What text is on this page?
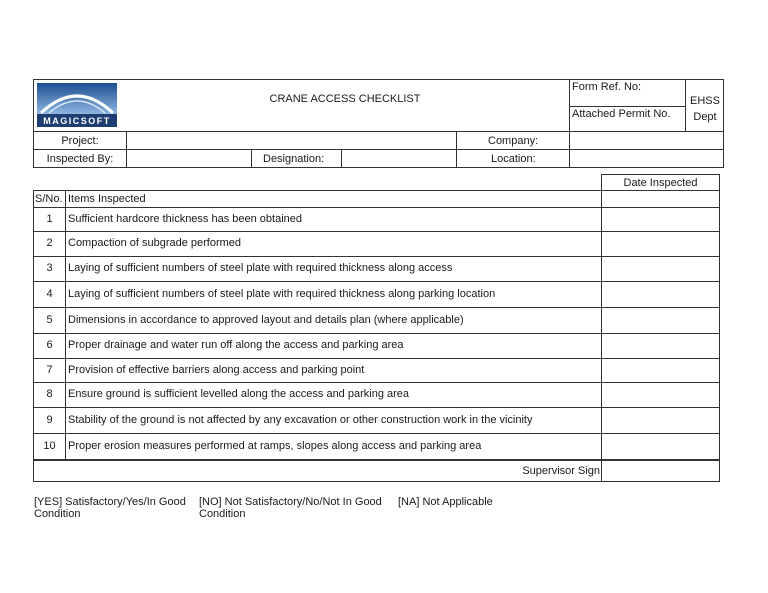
MAGICSOFT
CRANE ACCESS CHECKLIST
Form Ref. No:
Attached Permit No.
EHSS
Dept
Project:	Company:
Inspected By:	Designation:	Location:
Date Inspected
S/No. Items Inspected
1	Sufficient hardcore thickness has been obtained
2	Compaction of subgrade performed
3	Laying of sufficient numbers of steel plate with required thickness along access
4	Laying of sufficient numbers of steel plate with required thickness along parking location
5	Dimensions in accordance to approved layout and details plan (where applicable)
6	Proper drainage and water run off along the access and parking area
7	Provision of effective barriers along access and parking point
8	Ensure ground is sufficient levelled along the access and parking area
9	Stability of the ground is not affected by any excavation or other construction work in the vicinity
10	Proper erosion measures performed at ramps, slopes along access and parking area
Supervisor Sign
[YES] Satisfactory/Yes/In Good
Condition
[NO] Not Satisfactory/No/Not In Good
Condition
[NA] Not Applicable
